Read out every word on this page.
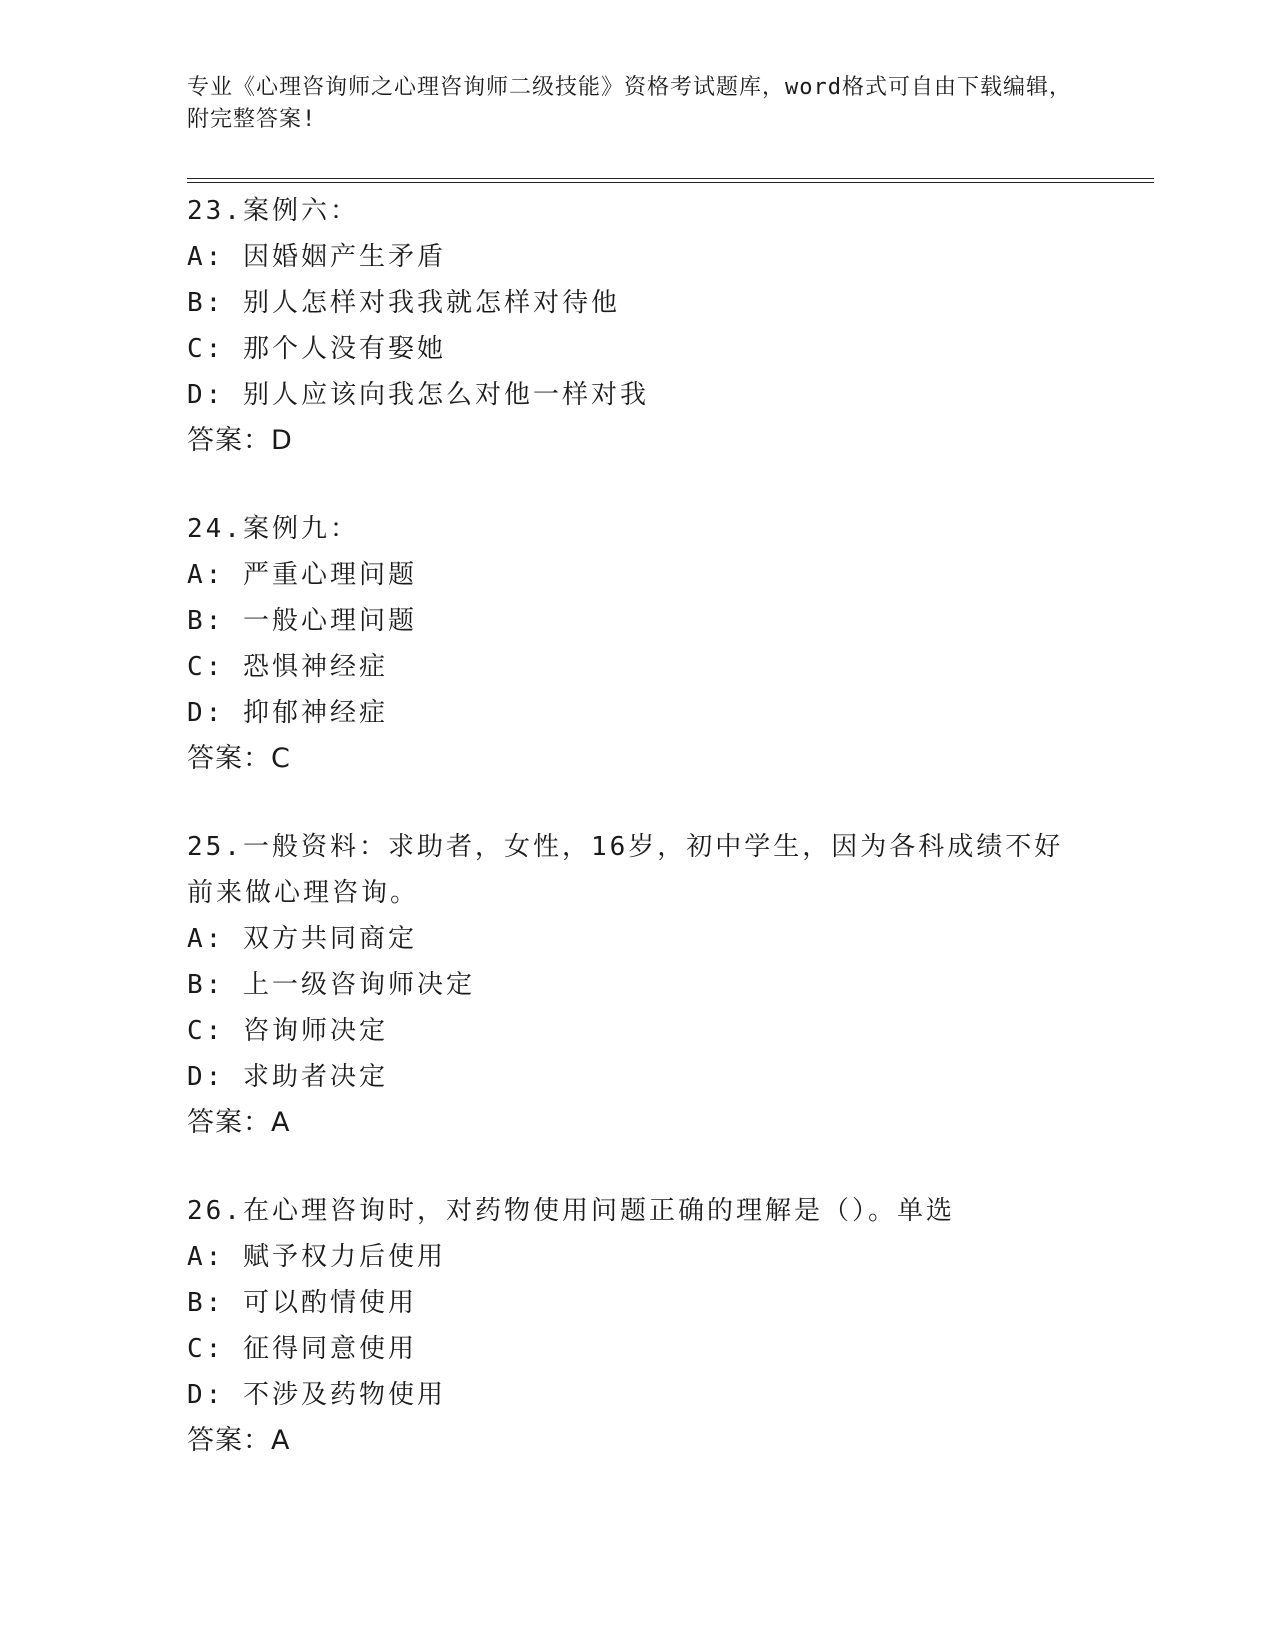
专业《心理咨询师之心理咨询师二级技能》资格考试题库，word格式可自由下载编辑，附完整答案!
23.案例六：
A: 因婚姻产生矛盾
B: 别人怎样对我我就怎样对待他
C: 那个人没有娶她
D: 别人应该向我怎么对他一样对我
答案：D
24.案例九：
A: 严重心理问题
B: 一般心理问题
C: 恐惧神经症
D: 抑郁神经症
答案：C
25.一般资料：求助者，女性，16岁，初中学生，因为各科成绩不好前来做心理咨询。
A: 双方共同商定
B: 上一级咨询师决定
C: 咨询师决定
D: 求助者决定
答案：A
26.在心理咨询时，对药物使用问题正确的理解是（）。单选
A: 赋予权力后使用
B: 可以酌情使用
C: 征得同意使用
D: 不涉及药物使用
答案：A
